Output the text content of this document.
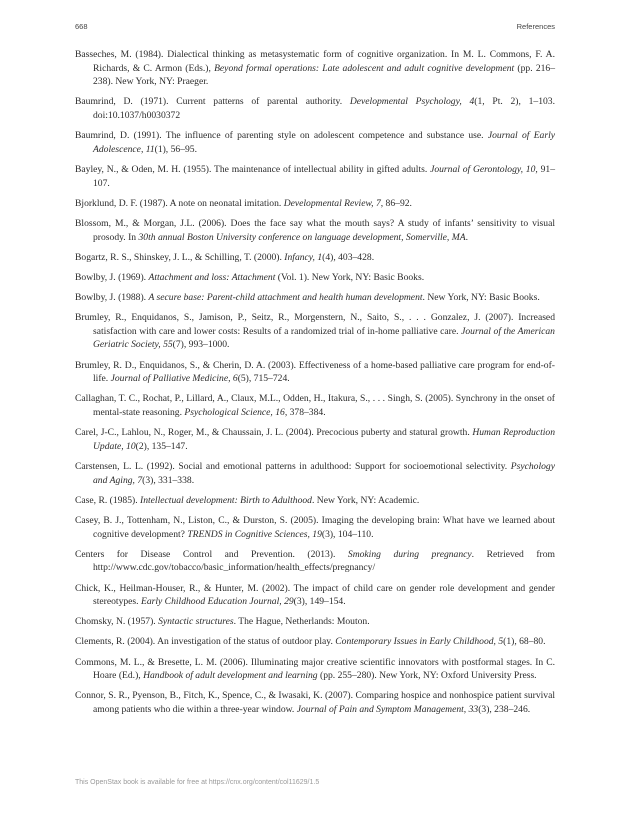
668	References

Basseches, M. (1984). Dialectical thinking as metasystematic form of cognitive organization. In M. L. Commons, F. A. Richards, & C. Armon (Eds.), Beyond formal operations: Late adolescent and adult cognitive development (pp. 216–238). New York, NY: Praeger.

Baumrind, D. (1971). Current patterns of parental authority. Developmental Psychology, 4(1, Pt. 2), 1–103. doi:10.1037/h0030372

Baumrind, D. (1991). The influence of parenting style on adolescent competence and substance use. Journal of Early Adolescence, 11(1), 56–95.

Bayley, N., & Oden, M. H. (1955). The maintenance of intellectual ability in gifted adults. Journal of Gerontology, 10, 91–107.

Bjorklund, D. F. (1987). A note on neonatal imitation. Developmental Review, 7, 86–92.

Blossom, M., & Morgan, J.L. (2006). Does the face say what the mouth says? A study of infants’ sensitivity to visual prosody. In 30th annual Boston University conference on language development, Somerville, MA.

Bogartz, R. S., Shinskey, J. L., & Schilling, T. (2000). Infancy, 1(4), 403–428.

Bowlby, J. (1969). Attachment and loss: Attachment (Vol. 1). New York, NY: Basic Books.

Bowlby, J. (1988). A secure base: Parent-child attachment and health human development. New York, NY: Basic Books.

Brumley, R., Enquidanos, S., Jamison, P., Seitz, R., Morgenstern, N., Saito, S., . . . Gonzalez, J. (2007). Increased satisfaction with care and lower costs: Results of a randomized trial of in-home palliative care. Journal of the American Geriatric Society, 55(7), 993–1000.

Brumley, R. D., Enquidanos, S., & Cherin, D. A. (2003). Effectiveness of a home-based palliative care program for end-of-life. Journal of Palliative Medicine, 6(5), 715–724.

Callaghan, T. C., Rochat, P., Lillard, A., Claux, M.L., Odden, H., Itakura, S., . . . Singh, S. (2005). Synchrony in the onset of mental-state reasoning. Psychological Science, 16, 378–384.

Carel, J-C., Lahlou, N., Roger, M., & Chaussain, J. L. (2004). Precocious puberty and statural growth. Human Reproduction Update, 10(2), 135–147.

Carstensen, L. L. (1992). Social and emotional patterns in adulthood: Support for socioemotional selectivity. Psychology and Aging, 7(3), 331–338.

Case, R. (1985). Intellectual development: Birth to Adulthood. New York, NY: Academic.

Casey, B. J., Tottenham, N., Liston, C., & Durston, S. (2005). Imaging the developing brain: What have we learned about cognitive development? TRENDS in Cognitive Sciences, 19(3), 104–110.

Centers for Disease Control and Prevention. (2013). Smoking during pregnancy. Retrieved from http://www.cdc.gov/tobacco/basic_information/health_effects/pregnancy/

Chick, K., Heilman-Houser, R., & Hunter, M. (2002). The impact of child care on gender role development and gender stereotypes. Early Childhood Education Journal, 29(3), 149–154.

Chomsky, N. (1957). Syntactic structures. The Hague, Netherlands: Mouton.

Clements, R. (2004). An investigation of the status of outdoor play. Contemporary Issues in Early Childhood, 5(1), 68–80.

Commons, M. L., & Bresette, L. M. (2006). Illuminating major creative scientific innovators with postformal stages. In C. Hoare (Ed.), Handbook of adult development and learning (pp. 255–280). New York, NY: Oxford University Press.

Connor, S. R., Pyenson, B., Fitch, K., Spence, C., & Iwasaki, K. (2007). Comparing hospice and nonhospice patient survival among patients who die within a three-year window. Journal of Pain and Symptom Management, 33(3), 238–246.

This OpenStax book is available for free at https://cnx.org/content/col11629/1.5
